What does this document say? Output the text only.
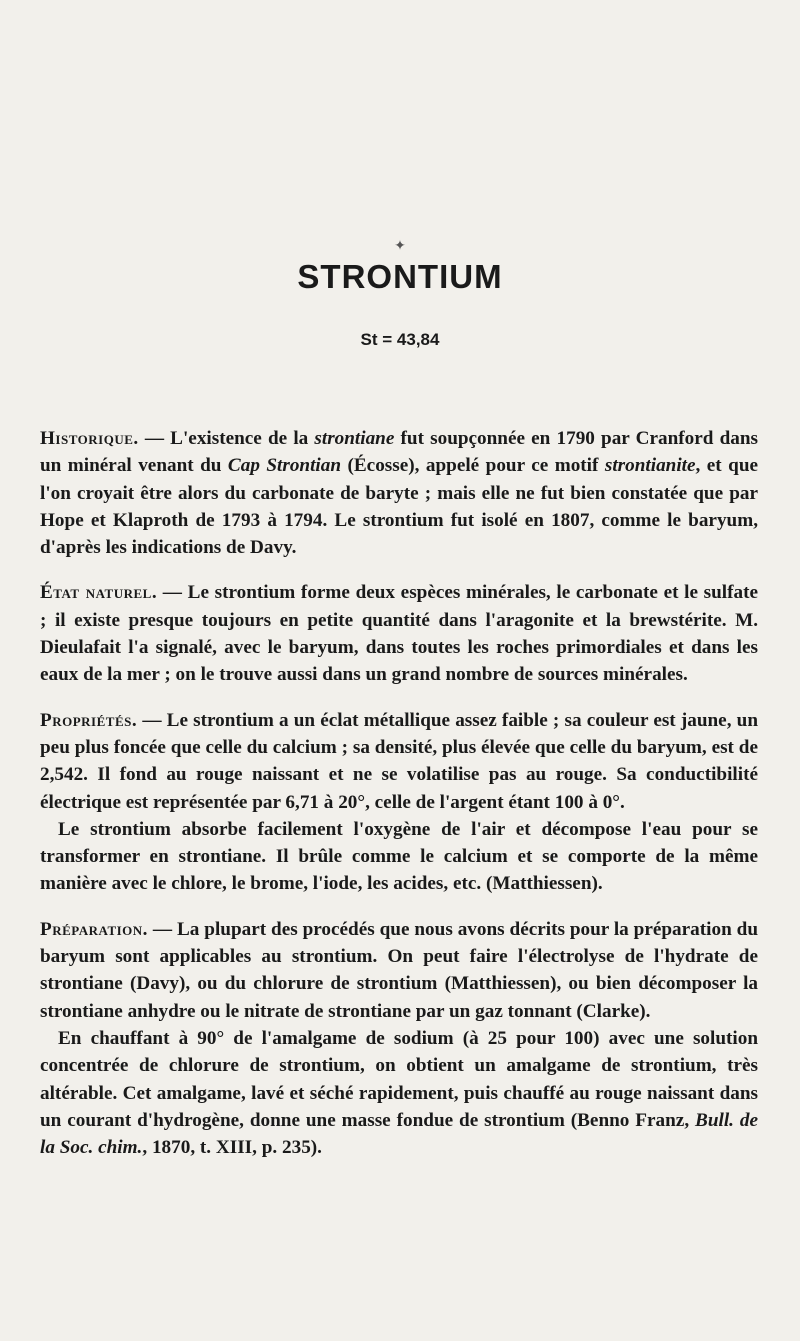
✦
STRONTIUM
St = 43,84

Historique. — L'existence de la strontiane fut soupçonnée en 1790 par Cranford dans un minéral venant du Cap Strontian (Écosse), appelé pour ce motif strontianite, et que l'on croyait être alors du carbonate de baryte ; mais elle ne fut bien constatée que par Hope et Klaproth de 1793 à 1794. Le strontium fut isolé en 1807, comme le baryum, d'après les indications de Davy.

État naturel. — Le strontium forme deux espèces minérales, le carbonate et le sulfate ; il existe presque toujours en petite quantité dans l'aragonite et la brewstérite. M. Dieulafait l'a signalé, avec le baryum, dans toutes les roches primordiales et dans les eaux de la mer ; on le trouve aussi dans un grand nombre de sources minérales.

Propriétés. — Le strontium a un éclat métallique assez faible ; sa couleur est jaune, un peu plus foncée que celle du calcium ; sa densité, plus élevée que celle du baryum, est de 2,542. Il fond au rouge naissant et ne se volatilise pas au rouge. Sa conductibilité électrique est représentée par 6,71 à 20°, celle de l'argent étant 100 à 0°.

Le strontium absorbe facilement l'oxygène de l'air et décompose l'eau pour se transformer en strontiane. Il brûle comme le calcium et se comporte de la même manière avec le chlore, le brome, l'iode, les acides, etc. (Matthiessen).

Préparation. — La plupart des procédés que nous avons décrits pour la préparation du baryum sont applicables au strontium. On peut faire l'électrolyse de l'hydrate de strontiane (Davy), ou du chlorure de strontium (Matthiessen), ou bien décomposer la strontiane anhydre ou le nitrate de strontiane par un gaz tonnant (Clarke).

En chauffant à 90° de l'amalgame de sodium (à 25 pour 100) avec une solution concentrée de chlorure de strontium, on obtient un amalgame de strontium, très altérable. Cet amalgame, lavé et séché rapidement, puis chauffé au rouge naissant dans un courant d'hydrogène, donne une masse fondue de strontium (Benno Franz, Bull. de la Soc. chim., 1870, t. XIII, p. 235).
